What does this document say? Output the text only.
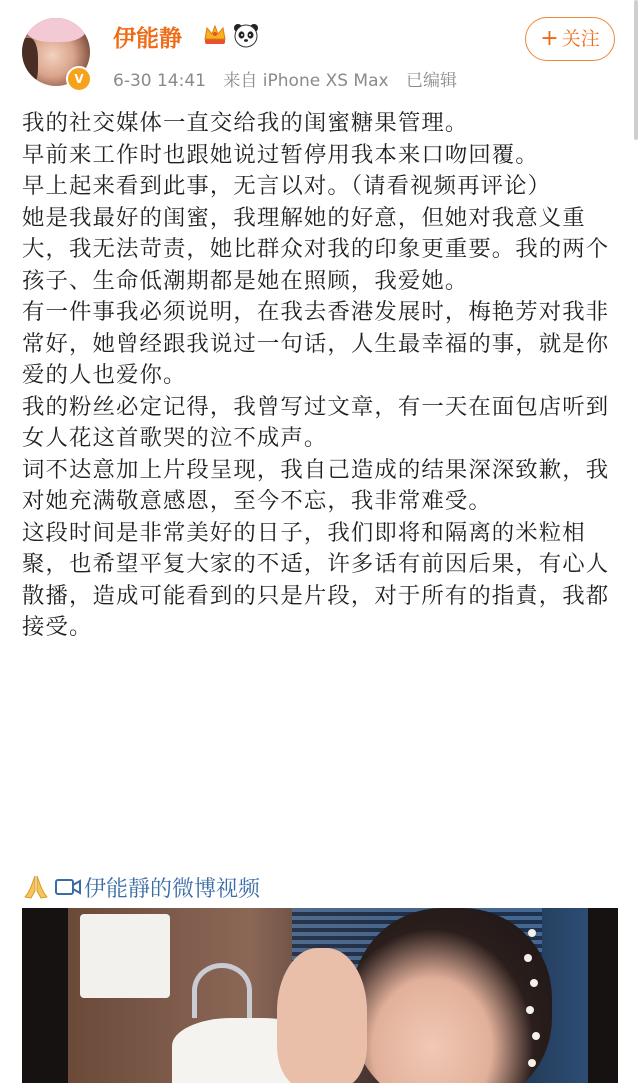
V
伊能静
6-30 14:41 来自 iPhone XS Max 已编辑
+ 关注

我的社交媒体一直交给我的闺蜜糖果管理。

早前来工作时也跟她说过暂停用我本来口吻回覆。

早上起来看到此事，无言以对。（请看视频再评论）

她是我最好的闺蜜，我理解她的好意，但她对我意义重大，我无法苛责，她比群众对我的印象更重要。我的两个孩子、生命低潮期都是她在照顾，我爱她。

有一件事我必须说明，在我去香港发展时，梅艳芳对我非常好，她曾经跟我说过一句话，人生最幸福的事，就是你爱的人也爱你。

我的粉丝必定记得，我曾写过文章，有一天在面包店听到女人花这首歌哭的泣不成声。

词不达意加上片段呈现，我自己造成的结果深深致歉，我对她充满敬意感恩，至今不忘，我非常难受。

这段时间是非常美好的日子，我们即将和隔离的米粒相聚，也希望平复大家的不适，许多话有前因后果，有心人散播，造成可能看到的只是片段，对于所有的指責，我都接受。

伊能靜的微博视频
